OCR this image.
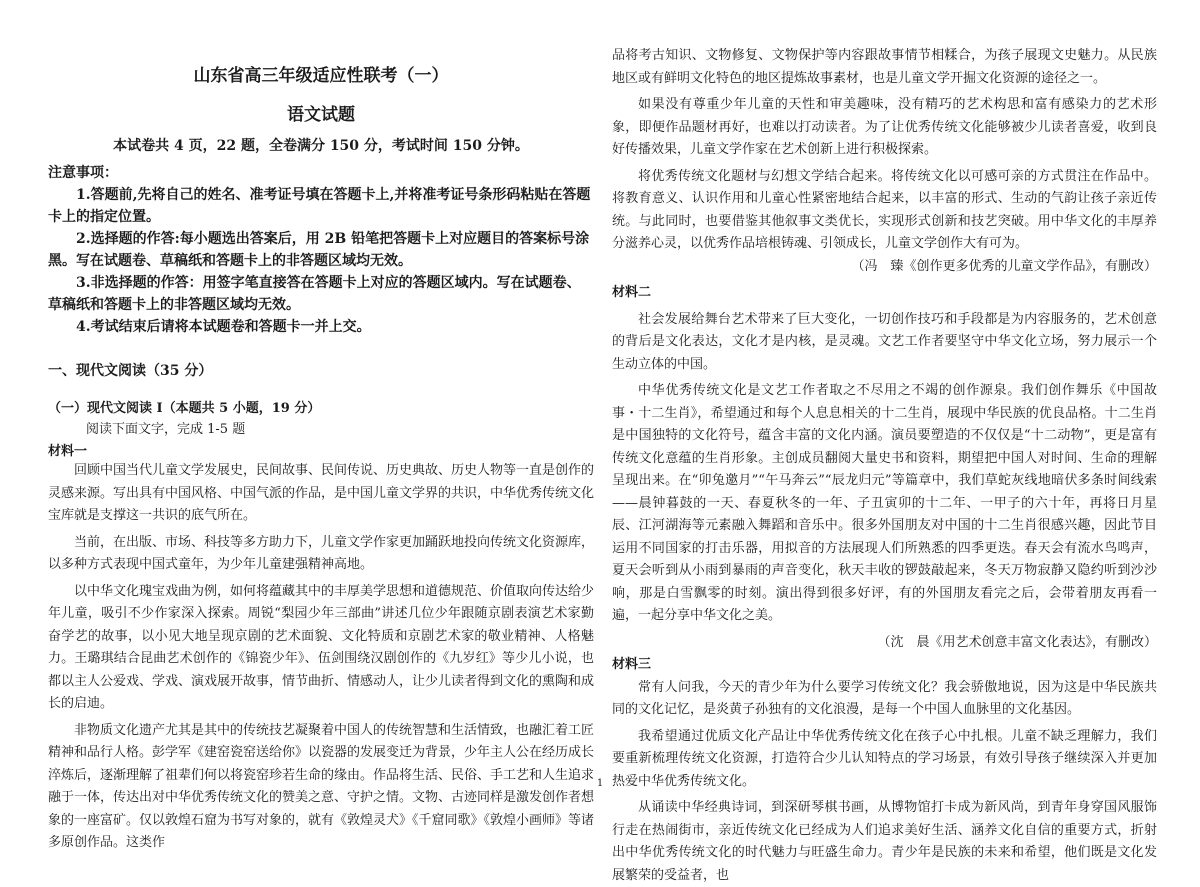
山东省高三年级适应性联考（一）
语文试题
本试卷共 4 页，22 题，全卷满分 150 分，考试时间 150 分钟。

注意事项：

1.答题前,先将自己的姓名、准考证号填在答题卡上,并将准考证号条形码粘贴在答题卡上的指定位置。

2.选择题的作答:每小题选出答案后，用 2B 铅笔把答题卡上对应题目的答案标号涂黑。写在试题卷、草稿纸和答题卡上的非答题区域均无效。

3.非选择题的作答：用签字笔直接答在答题卡上对应的答题区域内。写在试题卷、草稿纸和答题卡上的非答题区域均无效。

4.考试结束后请将本试题卷和答题卡一并上交。

一、现代文阅读（35 分）
（一）现代文阅读 I（本题共 5 小题，19 分）
阅读下面文字，完成 1-5 题
材料一

回顾中国当代儿童文学发展史，民间故事、民间传说、历史典故、历史人物等一直是创作的灵感来源。写出具有中国风格、中国气派的作品，是中国儿童文学界的共识，中华优秀传统文化宝库就是支撑这一共识的底气所在。

当前，在出版、市场、科技等多方助力下，儿童文学作家更加踊跃地投向传统文化资源库，以多种方式表现中国式童年，为少年儿童建强精神高地。

以中华文化瑰宝戏曲为例，如何将蕴藏其中的丰厚美学思想和道德规范、价值取向传达给少年儿童，吸引不少作家深入探索。周锐“梨园少年三部曲”讲述几位少年跟随京剧表演艺术家勤奋学艺的故事，以小见大地呈现京剧的艺术面貌、文化特质和京剧艺术家的敬业精神、人格魅力。王璐琪结合昆曲艺术创作的《锦瓷少年》、伍剑围绕汉剧创作的《九岁红》等少儿小说，也都以主人公爱戏、学戏、演戏展开故事，情节曲折、情感动人，让少儿读者得到文化的熏陶和成长的启迪。

非物质文化遗产尤其是其中的传统技艺凝聚着中国人的传统智慧和生活情致，也融汇着工匠精神和品行人格。彭学军《建窑瓷窑送给你》以瓷器的发展变迁为背景，少年主人公在经历成长淬炼后，逐渐理解了祖辈们何以将瓷窑珍若生命的缘由。作品将生活、民俗、手工艺和人生追求融于一体，传达出对中华优秀传统文化的赞美之意、守护之情。文物、古迹同样是激发创作者想象的一座富矿。仅以敦煌石窟为书写对象的，就有《敦煌灵犬》《千窟同歌》《敦煌小画师》等诸多原创作品。这类作

品将考古知识、文物修复、文物保护等内容跟故事情节相糅合，为孩子展现文史魅力。从民族地区或有鲜明文化特色的地区提炼故事素材，也是儿童文学开掘文化资源的途径之一。

如果没有尊重少年儿童的天性和审美趣味，没有精巧的艺术构思和富有感染力的艺术形象，即便作品题材再好，也难以打动读者。为了让优秀传统文化能够被少儿读者喜爱，收到良好传播效果，儿童文学作家在艺术创新上进行积极探索。

将优秀传统文化题材与幻想文学结合起来。将传统文化以可感可亲的方式贯注在作品中。将教育意义、认识作用和儿童心性紧密地结合起来，以丰富的形式、生动的气韵让孩子亲近传统。与此同时，也要借鉴其他叙事文类优长，实现形式创新和技艺突破。用中华文化的丰厚养分滋养心灵，以优秀作品培根铸魂、引领成长，儿童文学创作大有可为。

（冯　臻《创作更多优秀的儿童文学作品》，有删改）

材料二

社会发展给舞台艺术带来了巨大变化，一切创作技巧和手段都是为内容服务的，艺术创意的背后是文化表达，文化才是内核，是灵魂。文艺工作者要坚守中华文化立场，努力展示一个生动立体的中国。

中华优秀传统文化是文艺工作者取之不尽用之不竭的创作源泉。我们创作舞乐《中国故事・十二生肖》，希望通过和每个人息息相关的十二生肖，展现中华民族的优良品格。十二生肖是中国独特的文化符号，蕴含丰富的文化内涵。演员要塑造的不仅仅是“十二动物”，更是富有传统文化意蕴的生肖形象。主创成员翻阅大量史书和资料，期望把中国人对时间、生命的理解呈现出来。在“卯兔邀月”“午马奔云”“辰龙归元”等篇章中，我们草蛇灰线地暗伏多条时间线索——晨钟暮鼓的一天、春夏秋冬的一年、子丑寅卯的十二年、一甲子的六十年，再将日月星辰、江河湖海等元素融入舞蹈和音乐中。很多外国朋友对中国的十二生肖很感兴趣，因此节目运用不同国家的打击乐器，用拟音的方法展现人们所熟悉的四季更迭。春天会有流水鸟鸣声，夏天会听到从小雨到暴雨的声音变化，秋天丰收的锣鼓敲起来，冬天万物寂静又隐约听到沙沙响，那是白雪飘零的时刻。演出得到很多好评，有的外国朋友看完之后，会带着朋友再看一遍，一起分享中华文化之美。

（沈　晨《用艺术创意丰富文化表达》，有删改）

材料三

常有人问我，今天的青少年为什么要学习传统文化？我会骄傲地说，因为这是中华民族共同的文化记忆，是炎黄子孙独有的文化浪漫，是每一个中国人血脉里的文化基因。

我希望通过优质文化产品让中华优秀传统文化在孩子心中扎根。儿童不缺乏理解力，我们要重新梳理传统文化资源，打造符合少儿认知特点的学习场景，有效引导孩子继续深入并更加热爱中华优秀传统文化。

从诵读中华经典诗词，到深研琴棋书画，从博物馆打卡成为新风尚，到青年身穿国风服饰行走在热闹街市，亲近传统文化已经成为人们追求美好生活、涵养文化自信的重要方式，折射出中华优秀传统文化的时代魅力与旺盛生命力。青少年是民族的未来和希望，他们既是文化发展繁荣的受益者，也

1
